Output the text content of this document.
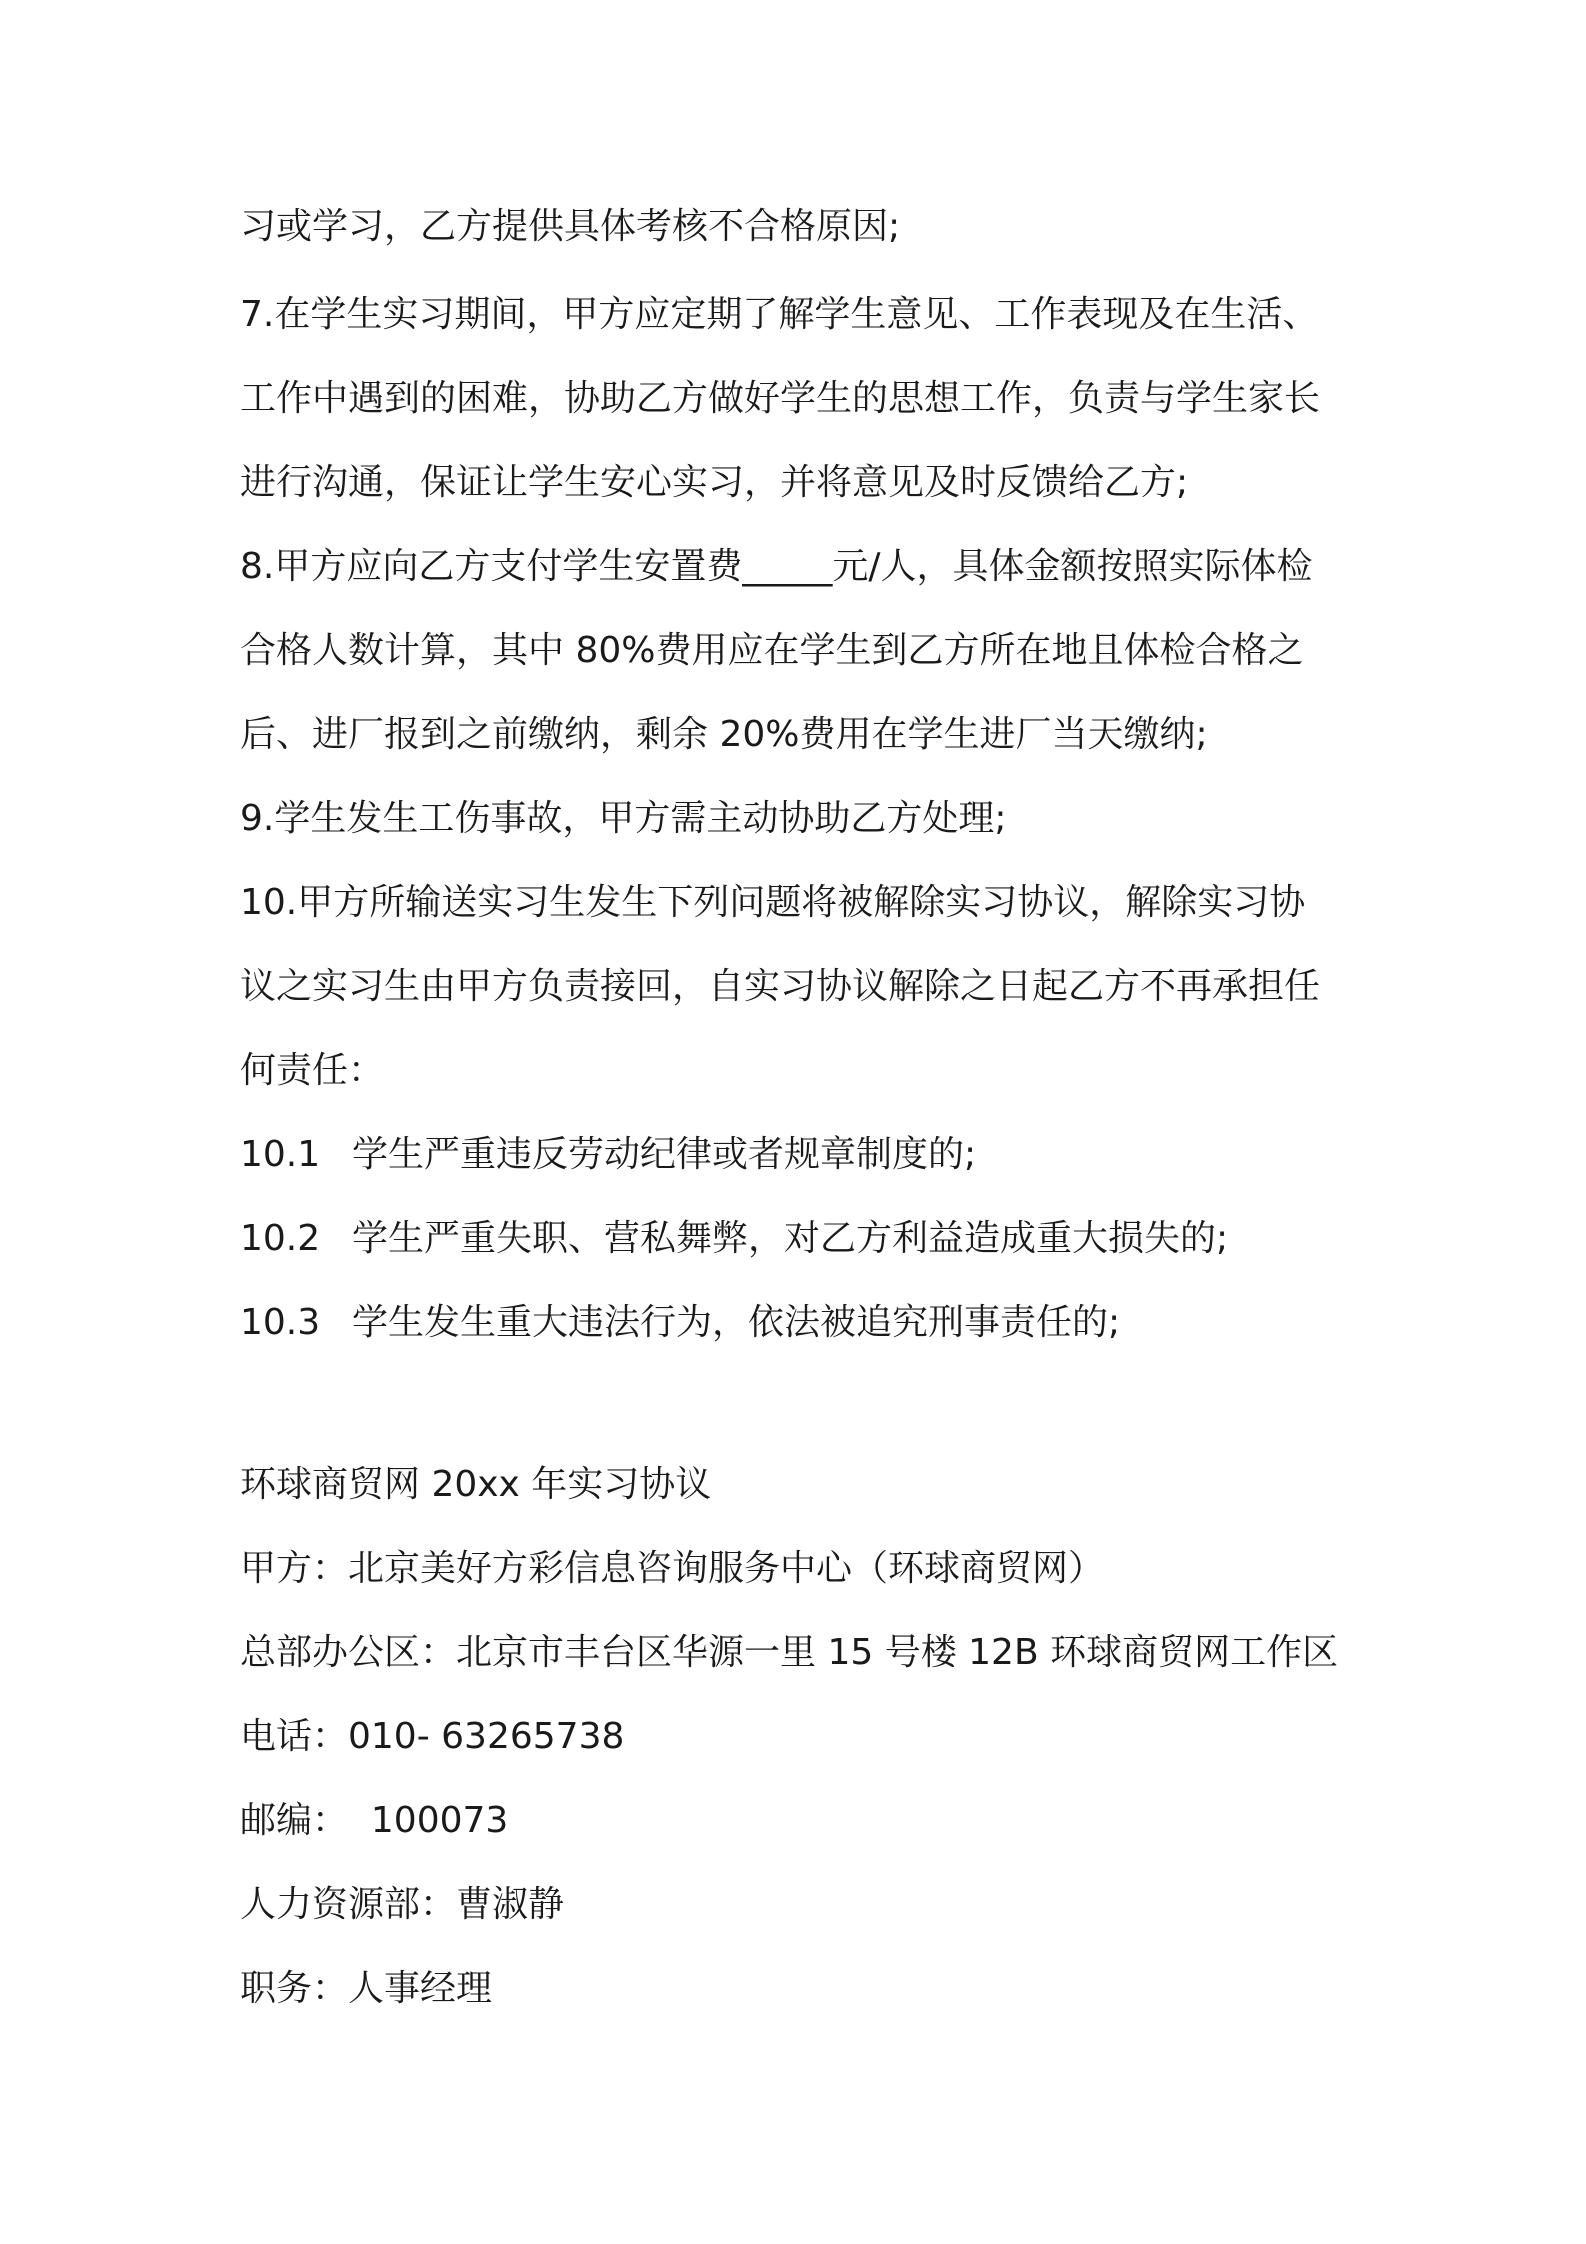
习或学习，乙方提供具体考核不合格原因;
7.在学生实习期间，甲方应定期了解学生意见、工作表现及在生活、
工作中遇到的困难，协助乙方做好学生的思想工作，负责与学生家长
进行沟通，保证让学生安心实习，并将意见及时反馈给乙方;
8.甲方应向乙方支付学生安置费_____元/人，具体金额按照实际体检
合格人数计算，其中 80%费用应在学生到乙方所在地且体检合格之
后、进厂报到之前缴纳，剩余 20%费用在学生进厂当天缴纳;
9.学生发生工伤事故，甲方需主动协助乙方处理;
10.甲方所输送实习生发生下列问题将被解除实习协议，解除实习协
议之实习生由甲方负责接回，自实习协议解除之日起乙方不再承担任
何责任：
10.1 学生严重违反劳动纪律或者规章制度的;
10.2 学生严重失职、营私舞弊，对乙方利益造成重大损失的;
10.3 学生发生重大违法行为，依法被追究刑事责任的;
环球商贸网 20xx 年实习协议
甲方：北京美好方彩信息咨询服务中心（环球商贸网）
总部办公区：北京市丰台区华源一里 15 号楼 12B 环球商贸网工作区
电话：010- 63265738
邮编：  100073
人力资源部：曹淑静
职务：人事经理
